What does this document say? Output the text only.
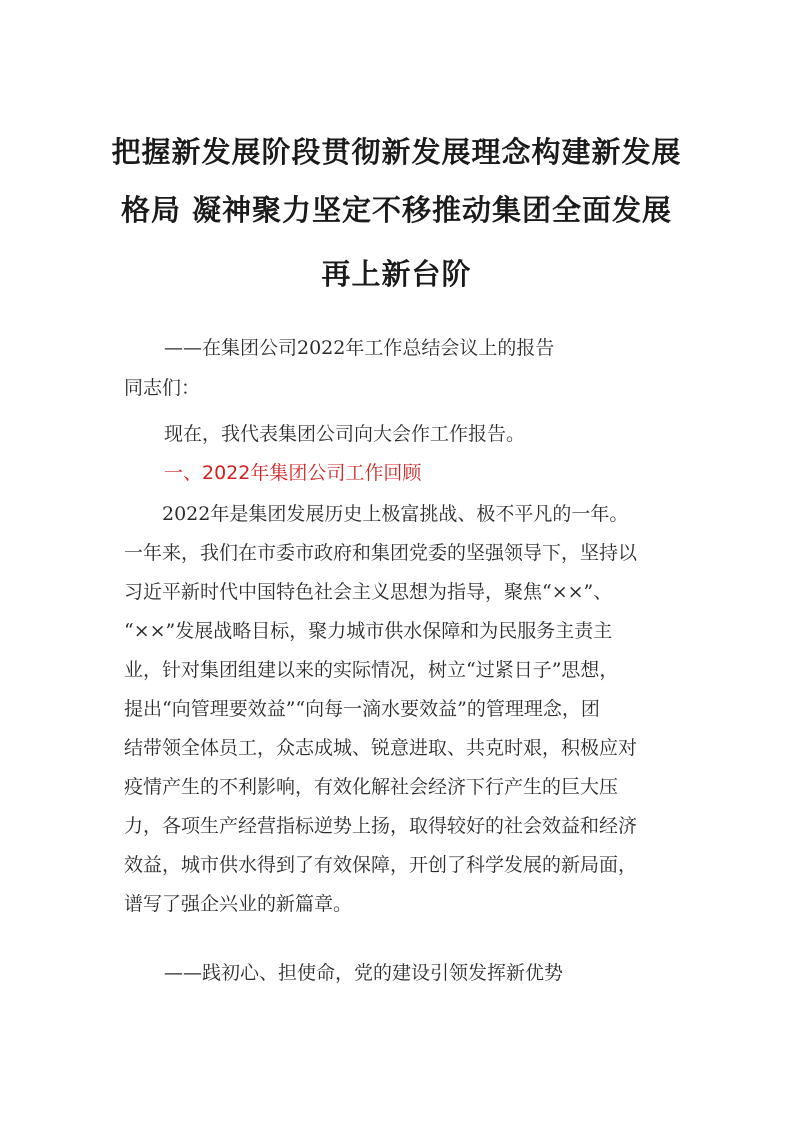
把握新发展阶段贯彻新发展理念构建新发展
格局 凝神聚力坚定不移推动集团全面发展
再上新台阶
——在集团公司2022年工作总结会议上的报告
同志们：
现在，我代表集团公司向大会作工作报告。
一、2022年集团公司工作回顾
　　2022年是集团发展历史上极富挑战、极不平凡的一年。
一年来，我们在市委市政府和集团党委的坚强领导下，坚持以
习近平新时代中国特色社会主义思想为指导，聚焦“××”、
“××”发展战略目标，聚力城市供水保障和为民服务主责主
业，针对集团组建以来的实际情况，树立“过紧日子”思想，
提出“向管理要效益”“向每一滴水要效益”的管理理念，团
结带领全体员工，众志成城、锐意进取、共克时艰，积极应对
疫情产生的不利影响，有效化解社会经济下行产生的巨大压
力，各项生产经营指标逆势上扬，取得较好的社会效益和经济
效益，城市供水得到了有效保障，开创了科学发展的新局面，
谱写了强企兴业的新篇章。
——践初心、担使命，党的建设引领发挥新优势
